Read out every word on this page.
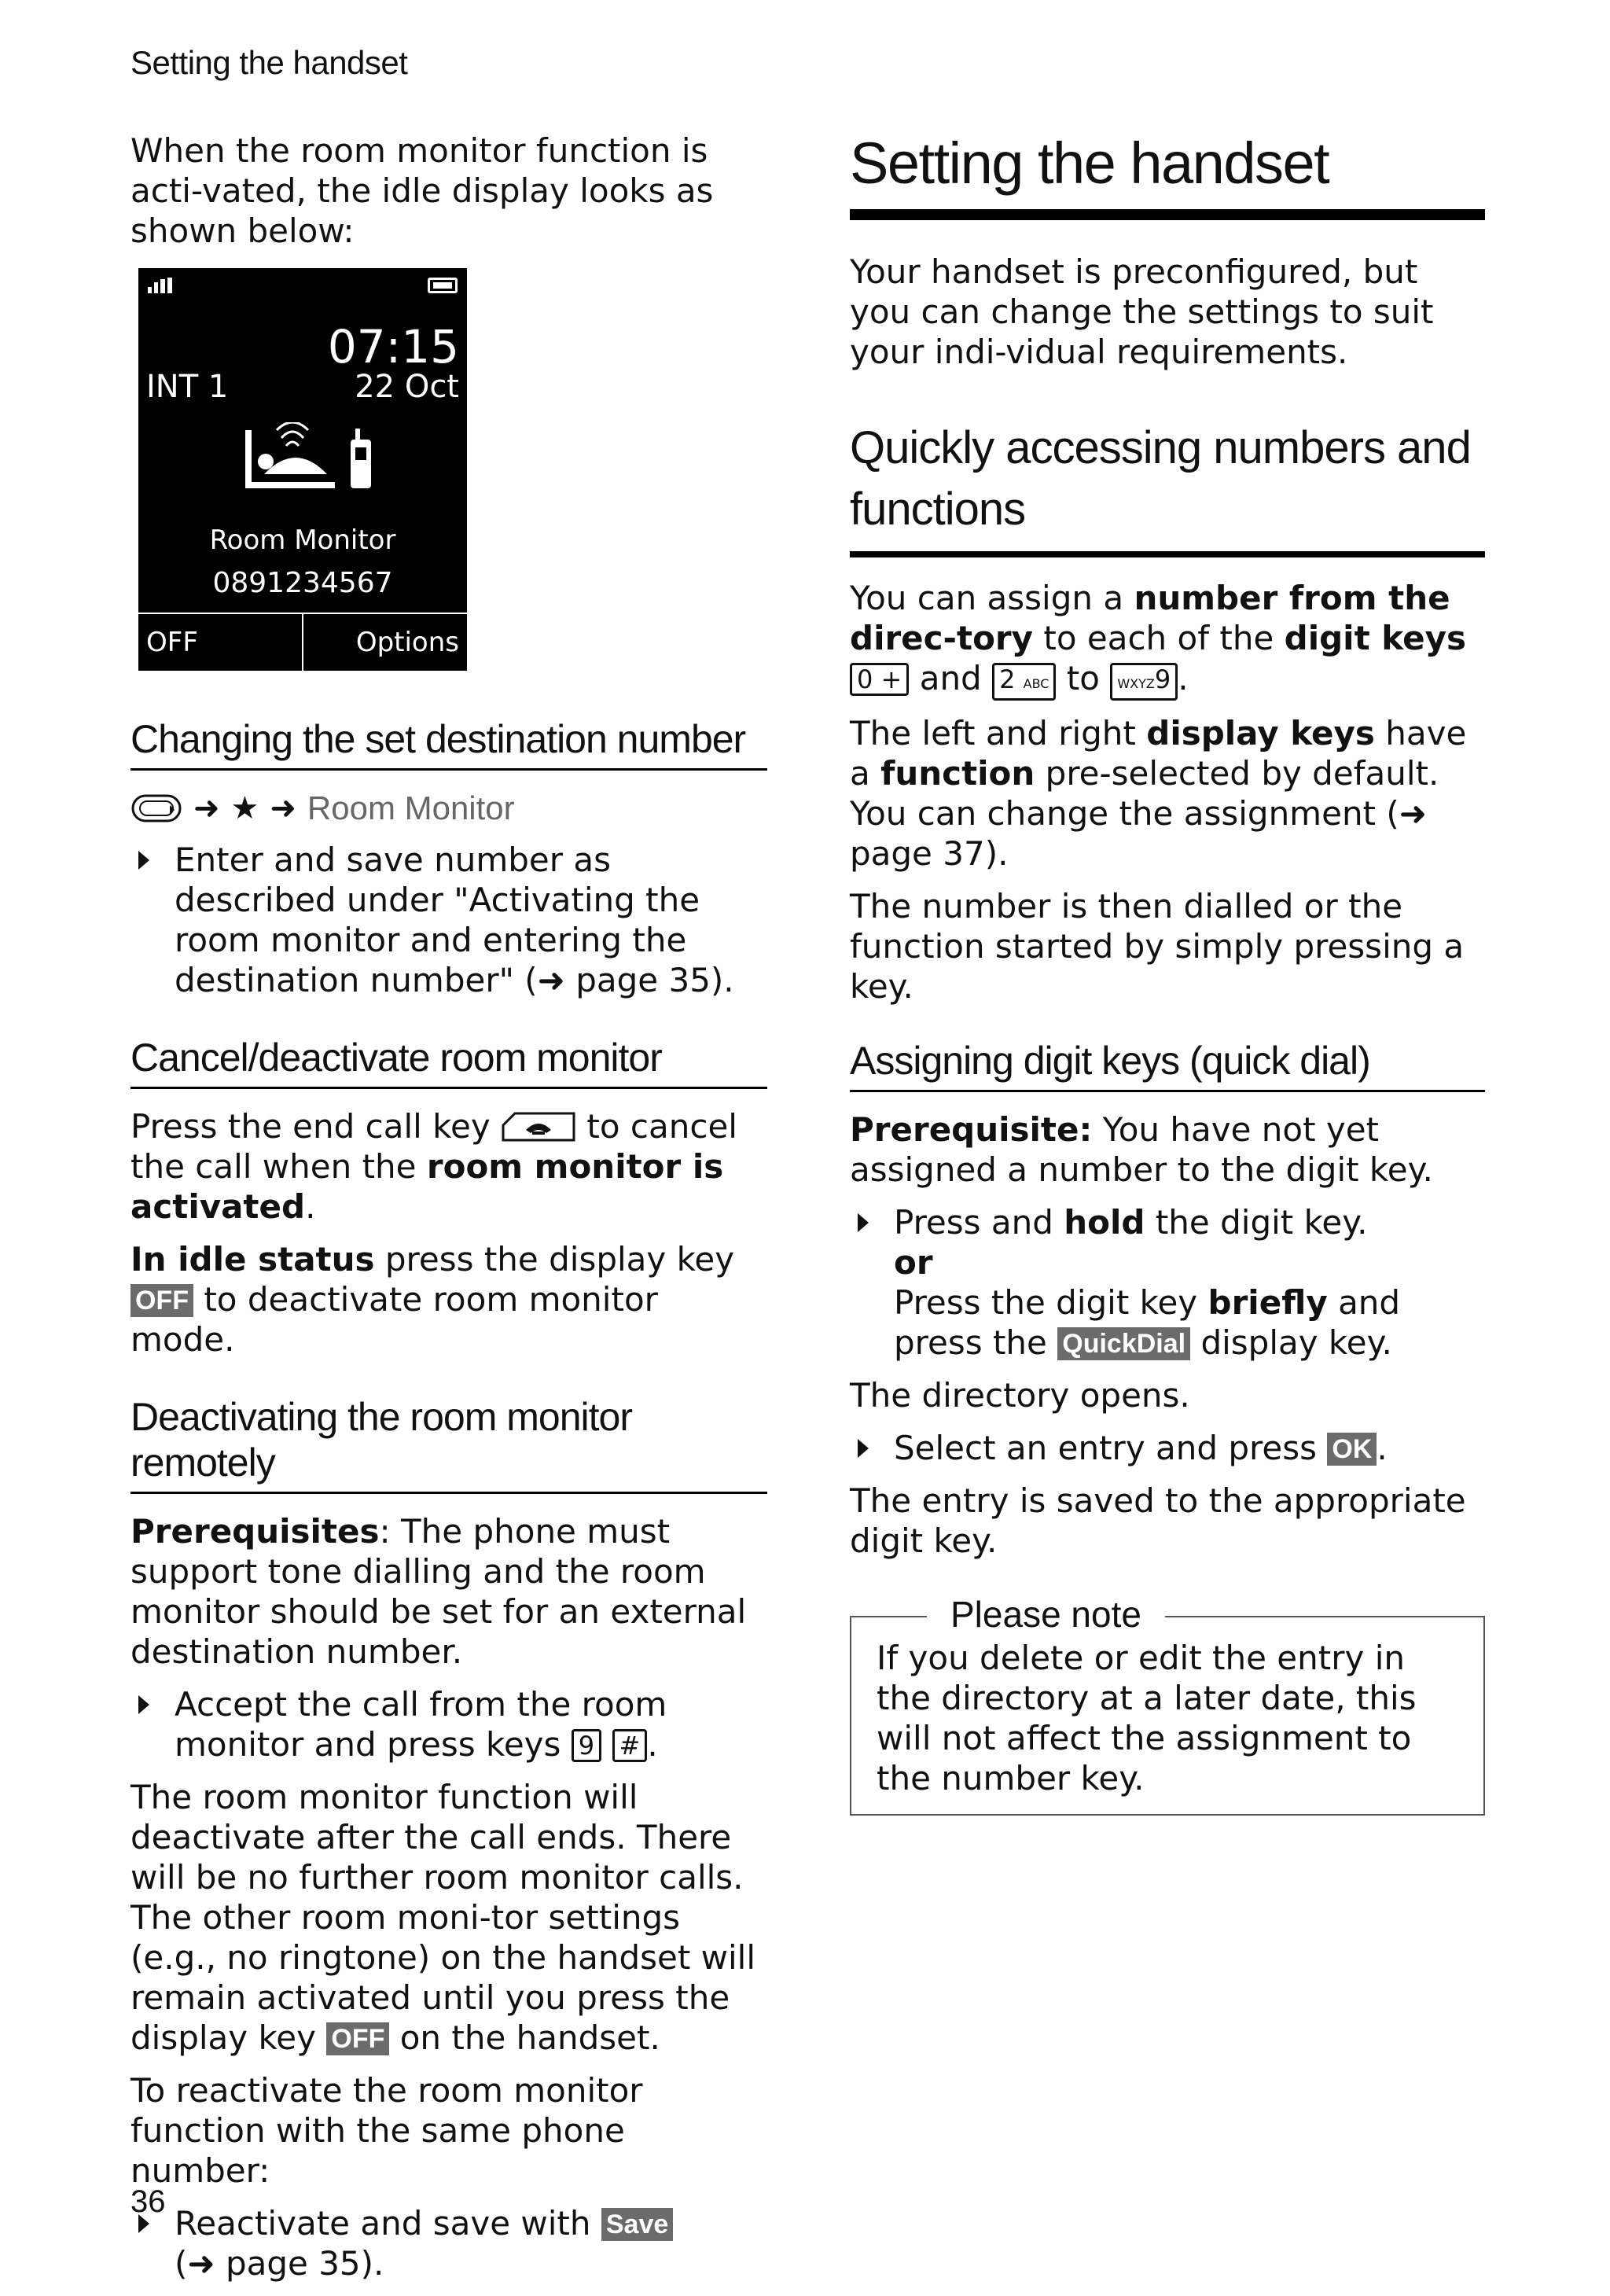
Setting the handset

When the room monitor function is acti-vated, the idle display looks as shown below:

07:15
INT 1	22 Oct
Room Monitor
0891234567
OFF	Options
Changing the set destination number
➜ ★ ➜ Room Monitor
Enter and save number as described under "Activating the room monitor and entering the destination number" (➜ page 35).
Cancel/deactivate room monitor

Press the end call key	to cancel the call when the room monitor is activated.

In idle status press the display key OFF to deactivate room monitor mode.

Deactivating the room monitor remotely

Prerequisites: The phone must support tone dialling and the room monitor should be set for an external destination number.

Accept the call from the room monitor and press keys 9 # .

The room monitor function will deactivate after the call ends. There will be no further room monitor calls. The other room moni-tor settings (e.g., no ringtone) on the handset will remain activated until you press the display key OFF on the handset.

To reactivate the room monitor function with the same phone number:

Reactivate and save with Save
(➜ page 35).
Setting the handset

Your handset is preconfigured, but you can change the settings to suit your indi-vidual requirements.

Quickly accessing numbers and functions

You can assign a number from the direc-tory to each of the digit keys 0 + and 2 ABC to WXYZ9 .

The left and right display keys have a function pre-selected by default. You can change the assignment (➜ page 37).

The number is then dialled or the function started by simply pressing a key.

Assigning digit keys (quick dial)

Prerequisite: You have not yet assigned a number to the digit key.

Press and hold the digit key.
or
Press the digit key briefly and press the QuickDial display key.

The directory opens.

Select an entry and press OK .

The entry is saved to the appropriate digit key.

Please note

If you delete or edit the entry in the directory at a later date, this will not affect the assignment to the number key.

36
